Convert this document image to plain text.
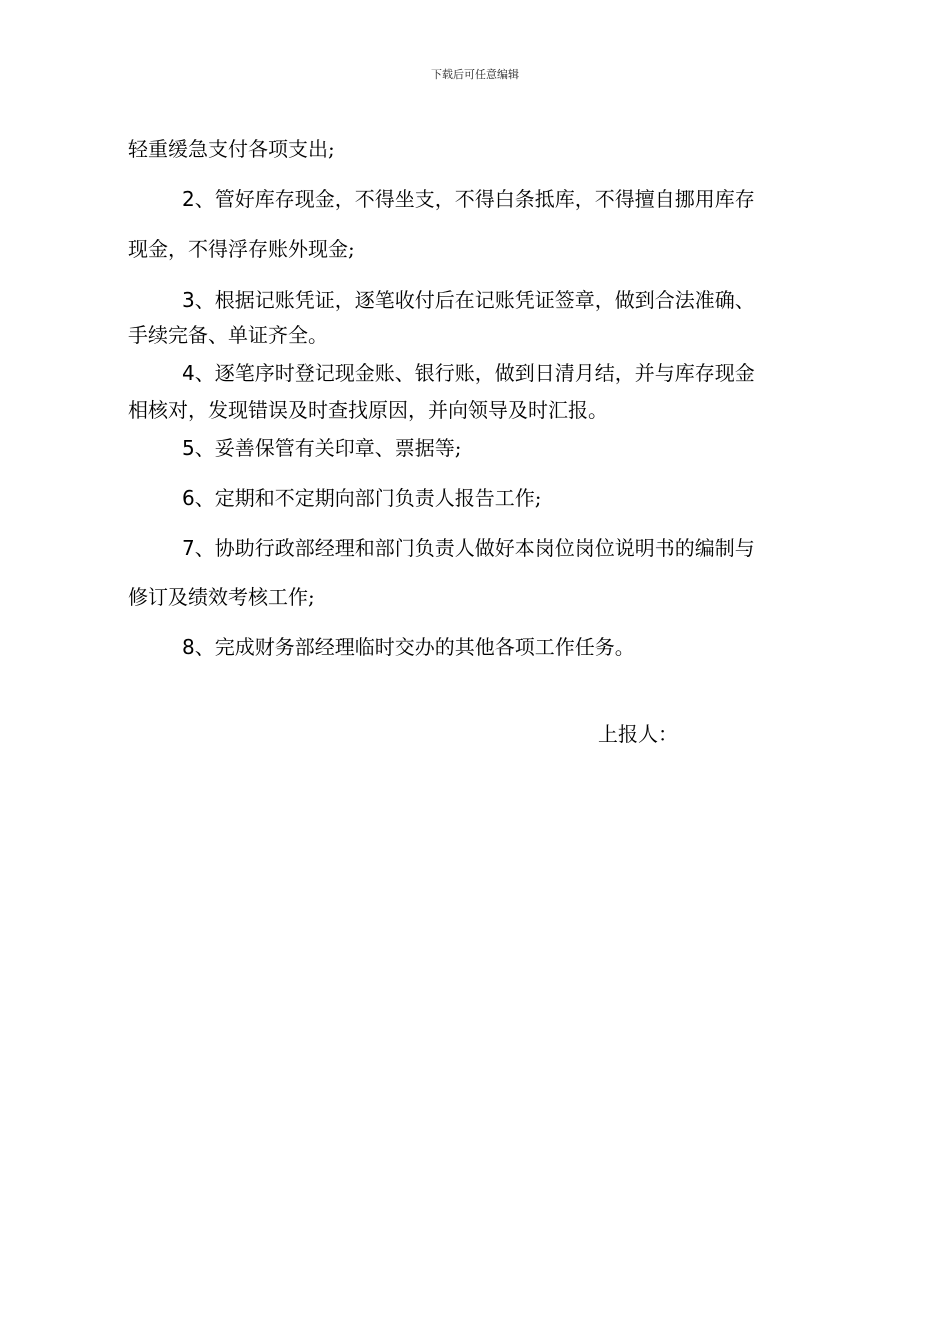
下载后可任意编辑
轻重缓急支付各项支出;
2、管好库存现金，不得坐支，不得白条抵库，不得擅自挪用库存
现金，不得浮存账外现金;
3、根据记账凭证，逐笔收付后在记账凭证签章，做到合法准确、
手续完备、单证齐全。
4、逐笔序时登记现金账、银行账，做到日清月结，并与库存现金
相核对，发现错误及时查找原因，并向领导及时汇报。
5、妥善保管有关印章、票据等;
6、定期和不定期向部门负责人报告工作;
7、协助行政部经理和部门负责人做好本岗位岗位说明书的编制与
修订及绩效考核工作;
8、完成财务部经理临时交办的其他各项工作任务。
上报人：
